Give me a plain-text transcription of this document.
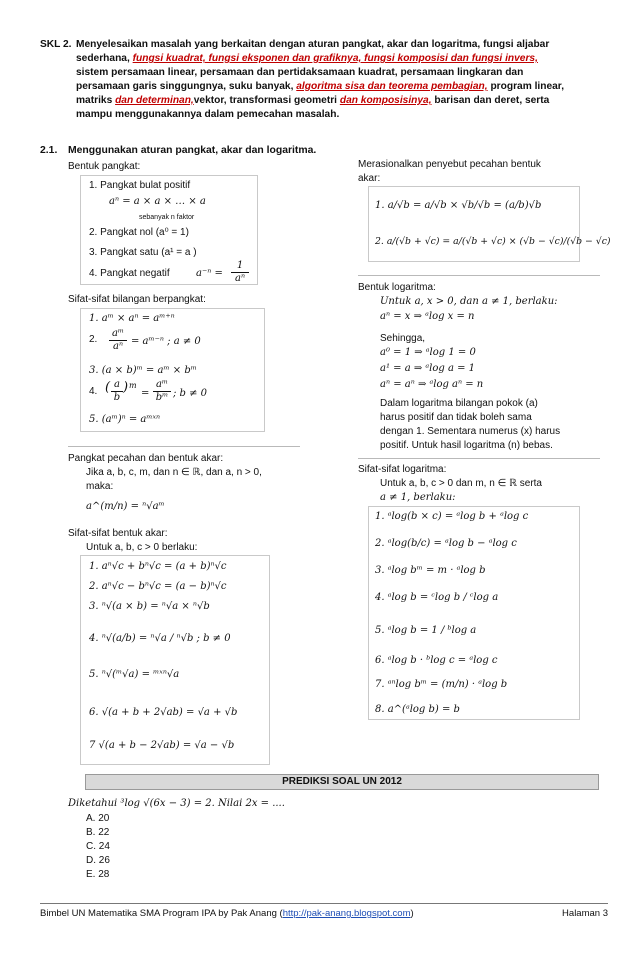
SKL 2. Menyelesaikan masalah yang berkaitan dengan aturan pangkat, akar dan logaritma, fungsi aljabar
sederhana, fungsi kuadrat, fungsi eksponen dan grafiknya, fungsi komposisi dan fungsi invers,
sistem persamaan linear, persamaan dan pertidaksamaan kuadrat, persamaan lingkaran dan
persamaan garis singgungnya, suku banyak, algoritma sisa dan teorema pembagian, program linear,
matriks dan determinan,vektor, transformasi geometri dan komposisinya, barisan dan deret, serta
mampu menggunakannya dalam pemecahan masalah.
2.1. Menggunakan aturan pangkat, akar dan logaritma.
Bentuk pangkat:
1. Pangkat bulat positif
aⁿ = a × a × … × a
sebanyak n faktor
2. Pangkat nol (a⁰ = 1)
3. Pangkat satu (a¹ = a )
4. Pangkat negatif	a⁻ⁿ =
1
aⁿ
Sifat-sifat bilangan berpangkat:
1. aᵐ × aⁿ = aᵐ⁺ⁿ
2.
aᵐ
aⁿ = aᵐ⁻ⁿ ; a ≠ 0
3. (a × b)ᵐ = aᵐ × bᵐ
4. ( a
b
) m
=
aᵐ
bᵐ ; b ≠ 0
5. (aᵐ)ⁿ = aᵐˣⁿ
Pangkat pecahan dan bentuk akar:
Jika a, b, c, m, dan n ∈ ℝ, dan a, n > 0,
maka:
a^(m/n) = ⁿ√aᵐ
Sifat-sifat bentuk akar:
Untuk a, b, c > 0 berlaku:
1. aⁿ√c + bⁿ√c = (a + b)ⁿ√c
2. aⁿ√c − bⁿ√c = (a − b)ⁿ√c
3. ⁿ√(a × b) = ⁿ√a × ⁿ√b
4. ⁿ√(a/b) = ⁿ√a / ⁿ√b ; b ≠ 0
5. ⁿ√(ᵐ√a) = ᵐˣⁿ√a
6. √(a + b + 2√ab) = √a + √b
7 √(a + b − 2√ab) = √a − √b
Merasionalkan penyebut pecahan bentuk
akar:
1. a/√b = a/√b × √b/√b = (a/b)√b
2. a/(√b + √c) = a/(√b + √c) × (√b − √c)/(√b − √c)
Bentuk logaritma:
Untuk a, x > 0, dan a ≠ 1, berlaku:
aⁿ = x ⇒ ᵃlog x = n
Sehingga,
a⁰ = 1 ⇒ ᵃlog 1 = 0
a¹ = a ⇒ ᵃlog a = 1
aⁿ = aⁿ ⇒ ᵃlog aⁿ = n
Dalam logaritma bilangan pokok (a)
harus positif dan tidak boleh sama
dengan 1. Sementara numerus (x) harus
positif. Untuk hasil logaritma (n) bebas.
Sifat-sifat logaritma:
Untuk a, b, c > 0 dan m, n ∈ ℝ serta
a ≠ 1, berlaku:
1. ᵃlog(b × c) = ᵃlog b + ᵃlog c
2. ᵃlog(b/c) = ᵃlog b − ᵃlog c
3. ᵃlog bᵐ = m · ᵃlog b
4. ᵃlog b = ᶜlog b / ᶜlog a
5. ᵃlog b = 1 / ᵇlog a
6. ᵃlog b · ᵇlog c = ᵃlog c
7. ᵃⁿlog bᵐ = (m/n) · ᵃlog b
8. a^(ᵃlog b) = b
PREDIKSI SOAL UN 2012
Diketahui ³log √(6x − 3) = 2. Nilai 2x = ....
A. 20
B. 22
C. 24
D. 26
E. 28
Bimbel UN Matematika SMA Program IPA by Pak Anang (http://pak-anang.blogspot.com)	Halaman 3
